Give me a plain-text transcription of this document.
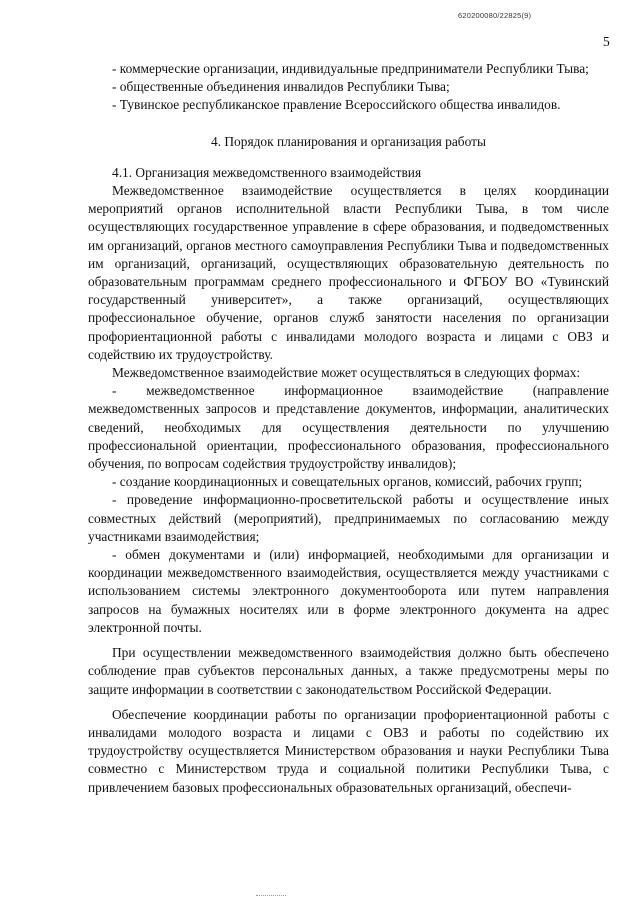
620200080/22825(9)
5

- коммерческие организации, индивидуальные предприниматели Республики Тыва;

- общественные объединения инвалидов Республики Тыва;

- Тувинское республиканское правление Всероссийского общества инвалидов.

4. Порядок планирования и организация работы

4.1. Организация межведомственного взаимодействия

Межведомственное взаимодействие осуществляется в целях координации мероприятий органов исполнительной власти Республики Тыва, в том числе осуществляющих государственное управление в сфере образования, и подведомственных им организаций, органов местного самоуправления Республики Тыва и подведомственных им организаций, организаций, осуществляющих образовательную деятельность по образовательным программам среднего профессионального и ФГБОУ ВО «Тувинский государственный университет», а также организаций, осуществляющих профессиональное обучение, органов служб занятости населения по организации профориентационной работы с инвалидами молодого возраста и лицами с ОВЗ и содействию их трудоустройству.

Межведомственное взаимодействие может осуществляться в следующих формах:

- межведомственное информационное взаимодействие (направление межведомственных запросов и представление документов, информации, аналитических сведений, необходимых для осуществления деятельности по улучшению профессиональной ориентации, профессионального образования, профессионального обучения, по вопросам содействия трудоустройству инвалидов);

- создание координационных и совещательных органов, комиссий, рабочих групп;

- проведение информационно-просветительской работы и осуществление иных совместных действий (мероприятий), предпринимаемых по согласованию между участниками взаимодействия;

- обмен документами и (или) информацией, необходимыми для организации и координации межведомственного взаимодействия, осуществляется между участниками с использованием системы электронного документооборота или путем направления запросов на бумажных носителях или в форме электронного документа на адрес электронной почты.

При осуществлении межведомственного взаимодействия должно быть обеспечено соблюдение прав субъектов персональных данных, а также предусмотрены меры по защите информации в соответствии с законодательством Российской Федерации.

Обеспечение координации работы по организации профориентационной работы с инвалидами молодого возраста и лицами с ОВЗ и работы по содействию их трудоустройству осуществляется Министерством образования и науки Республики Тыва совместно с Министерством труда и социальной политики Республики Тыва, с привлечением базовых профессиональных образовательных организаций, обеспечи-
